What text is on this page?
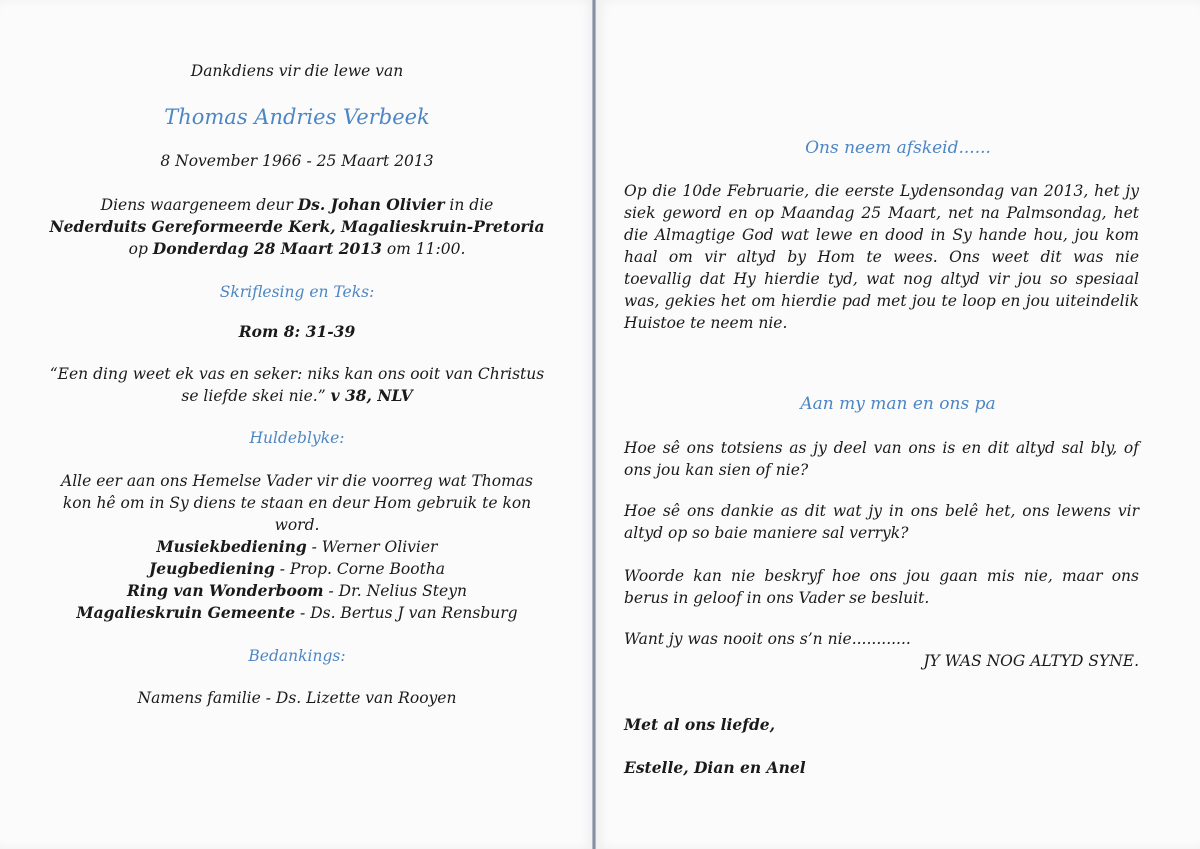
Dankdiens vir die lewe van
Thomas Andries Verbeek
8 November 1966 - 25 Maart 2013
Diens waargeneem deur Ds. Johan Olivier in die
Nederduits Gereformeerde Kerk, Magalieskruin-Pretoria
op Donderdag 28 Maart 2013 om 11:00.
Skriflesing en Teks:
Rom 8: 31-39
“Een ding weet ek vas en seker: niks kan ons ooit van Christus
se liefde skei nie.” v 38, NLV
Huldeblyke:
Alle eer aan ons Hemelse Vader vir die voorreg wat Thomas
kon hê om in Sy diens te staan en deur Hom gebruik te kon
word.
Musiekbediening - Werner Olivier
Jeugbediening - Prop. Corne Bootha
Ring van Wonderboom - Dr. Nelius Steyn
Magalieskruin Gemeente - Ds. Bertus J van Rensburg
Bedankings:
Namens familie - Ds. Lizette van Rooyen
Ons neem afskeid......
Op die 10de Februarie, die eerste Lydensondag van 2013, het jy
siek geword en op Maandag 25 Maart, net na Palmsondag, het
die Almagtige God wat lewe en dood in Sy hande hou, jou kom
haal om vir altyd by Hom te wees. Ons weet dit was nie
toevallig dat Hy hierdie tyd, wat nog altyd vir jou so spesiaal
was, gekies het om hierdie pad met jou te loop en jou uiteindelik
Huistoe te neem nie.
Aan my man en ons pa
Hoe sê ons totsiens as jy deel van ons is en dit altyd sal bly, of
ons jou kan sien of nie?
Hoe sê ons dankie as dit wat jy in ons belê het, ons lewens vir
altyd op so baie maniere sal verryk?
Woorde kan nie beskryf hoe ons jou gaan mis nie, maar ons
berus in geloof in ons Vader se besluit.
Want jy was nooit ons s’n nie............
JY WAS NOG ALTYD SYNE.
Met al ons liefde,
Estelle, Dian en Anel
